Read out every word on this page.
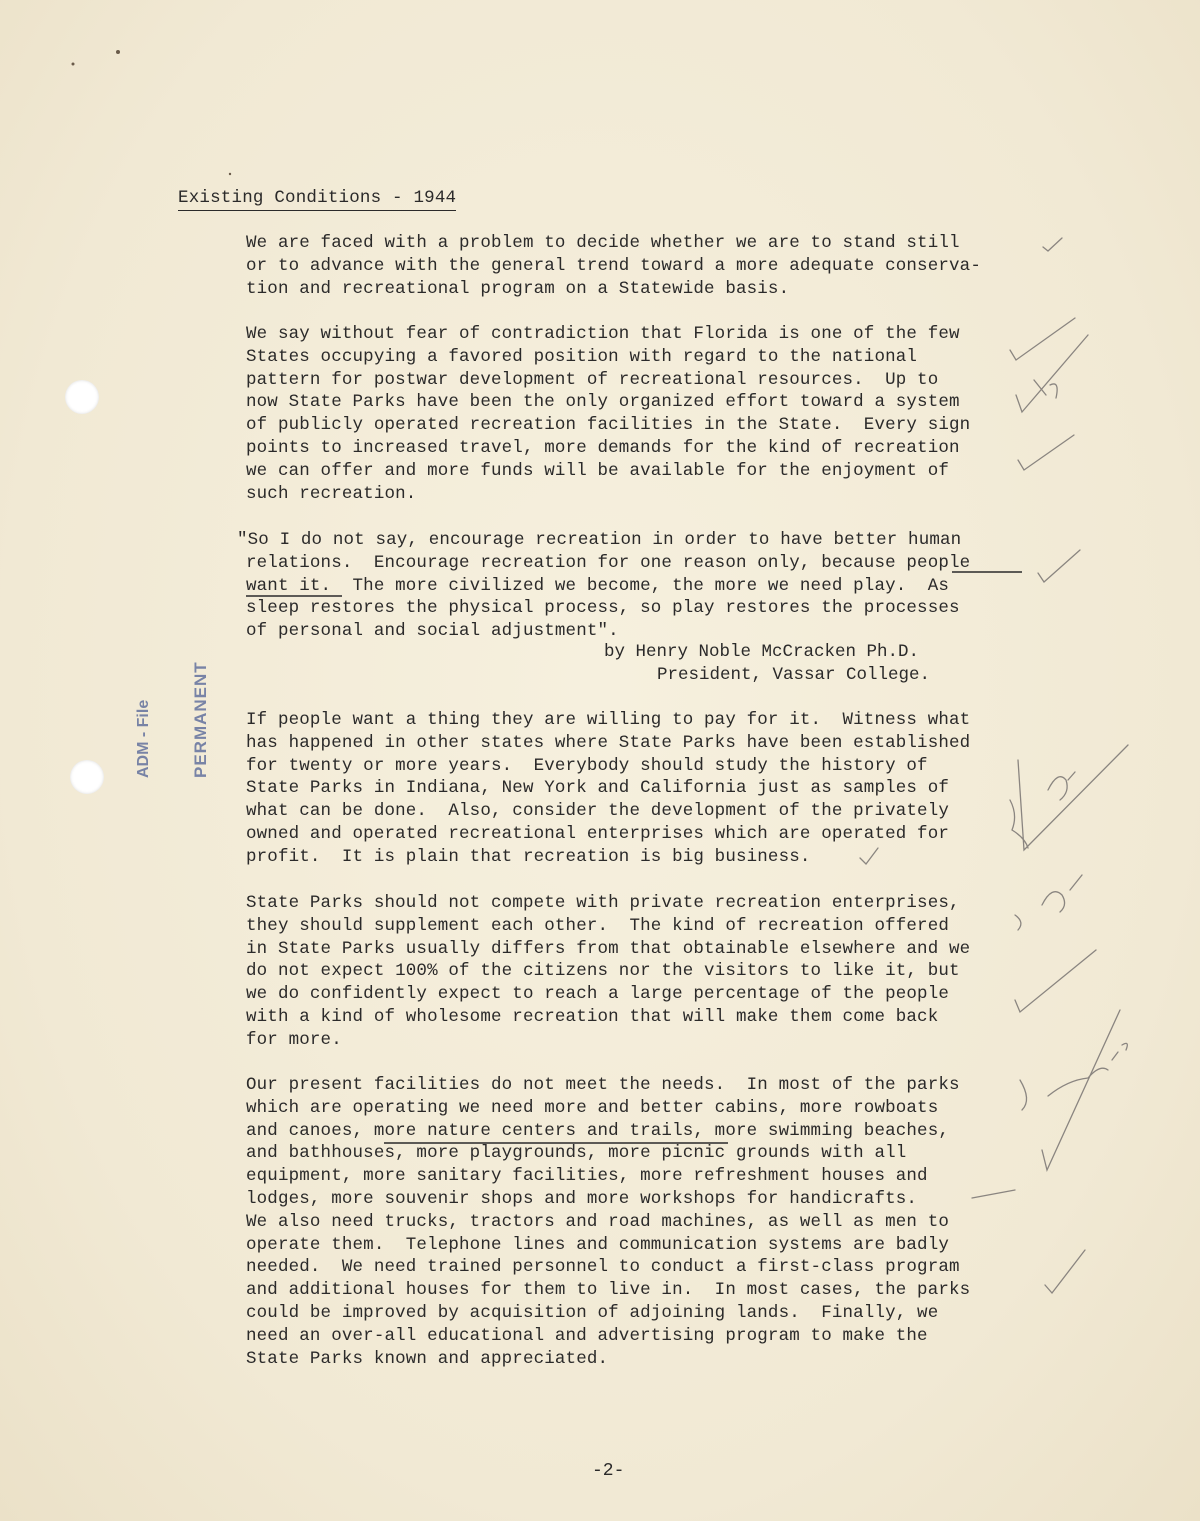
Existing Conditions - 1944
We are faced with a problem to decide whether we are to stand still
or to advance with the general trend toward a more adequate conserva-
tion and recreational program on a Statewide basis.
We say without fear of contradiction that Florida is one of the few
States occupying a favored position with regard to the national
pattern for postwar development of recreational resources.  Up to
now State Parks have been the only organized effort toward a system
of publicly operated recreation facilities in the State.  Every sign
points to increased travel, more demands for the kind of recreation
we can offer and more funds will be available for the enjoyment of
such recreation.
"So I do not say, encourage recreation in order to have better human
relations.  Encourage recreation for one reason only, because people
want it.  The more civilized we become, the more we need play.  As
sleep restores the physical process, so play restores the processes
of personal and social adjustment".
by Henry Noble McCracken Ph.D.
President, Vassar College.
If people want a thing they are willing to pay for it.  Witness what
has happened in other states where State Parks have been established
for twenty or more years.  Everybody should study the history of
State Parks in Indiana, New York and California just as samples of
what can be done.  Also, consider the development of the privately
owned and operated recreational enterprises which are operated for
profit.  It is plain that recreation is big business.
State Parks should not compete with private recreation enterprises,
they should supplement each other.  The kind of recreation offered
in State Parks usually differs from that obtainable elsewhere and we
do not expect 100% of the citizens nor the visitors to like it, but
we do confidently expect to reach a large percentage of the people
with a kind of wholesome recreation that will make them come back
for more.
Our present facilities do not meet the needs.  In most of the parks
which are operating we need more and better cabins, more rowboats
and canoes, more nature centers and trails, more swimming beaches,
and bathhouses, more playgrounds, more picnic grounds with all
equipment, more sanitary facilities, more refreshment houses and
lodges, more souvenir shops and more workshops for handicrafts.
We also need trucks, tractors and road machines, as well as men to
operate them.  Telephone lines and communication systems are badly
needed.  We need trained personnel to conduct a first-class program
and additional houses for them to live in.  In most cases, the parks
could be improved by acquisition of adjoining lands.  Finally, we
need an over-all educational and advertising program to make the
State Parks known and appreciated.

ADM - File

PERMANENT

-2-
